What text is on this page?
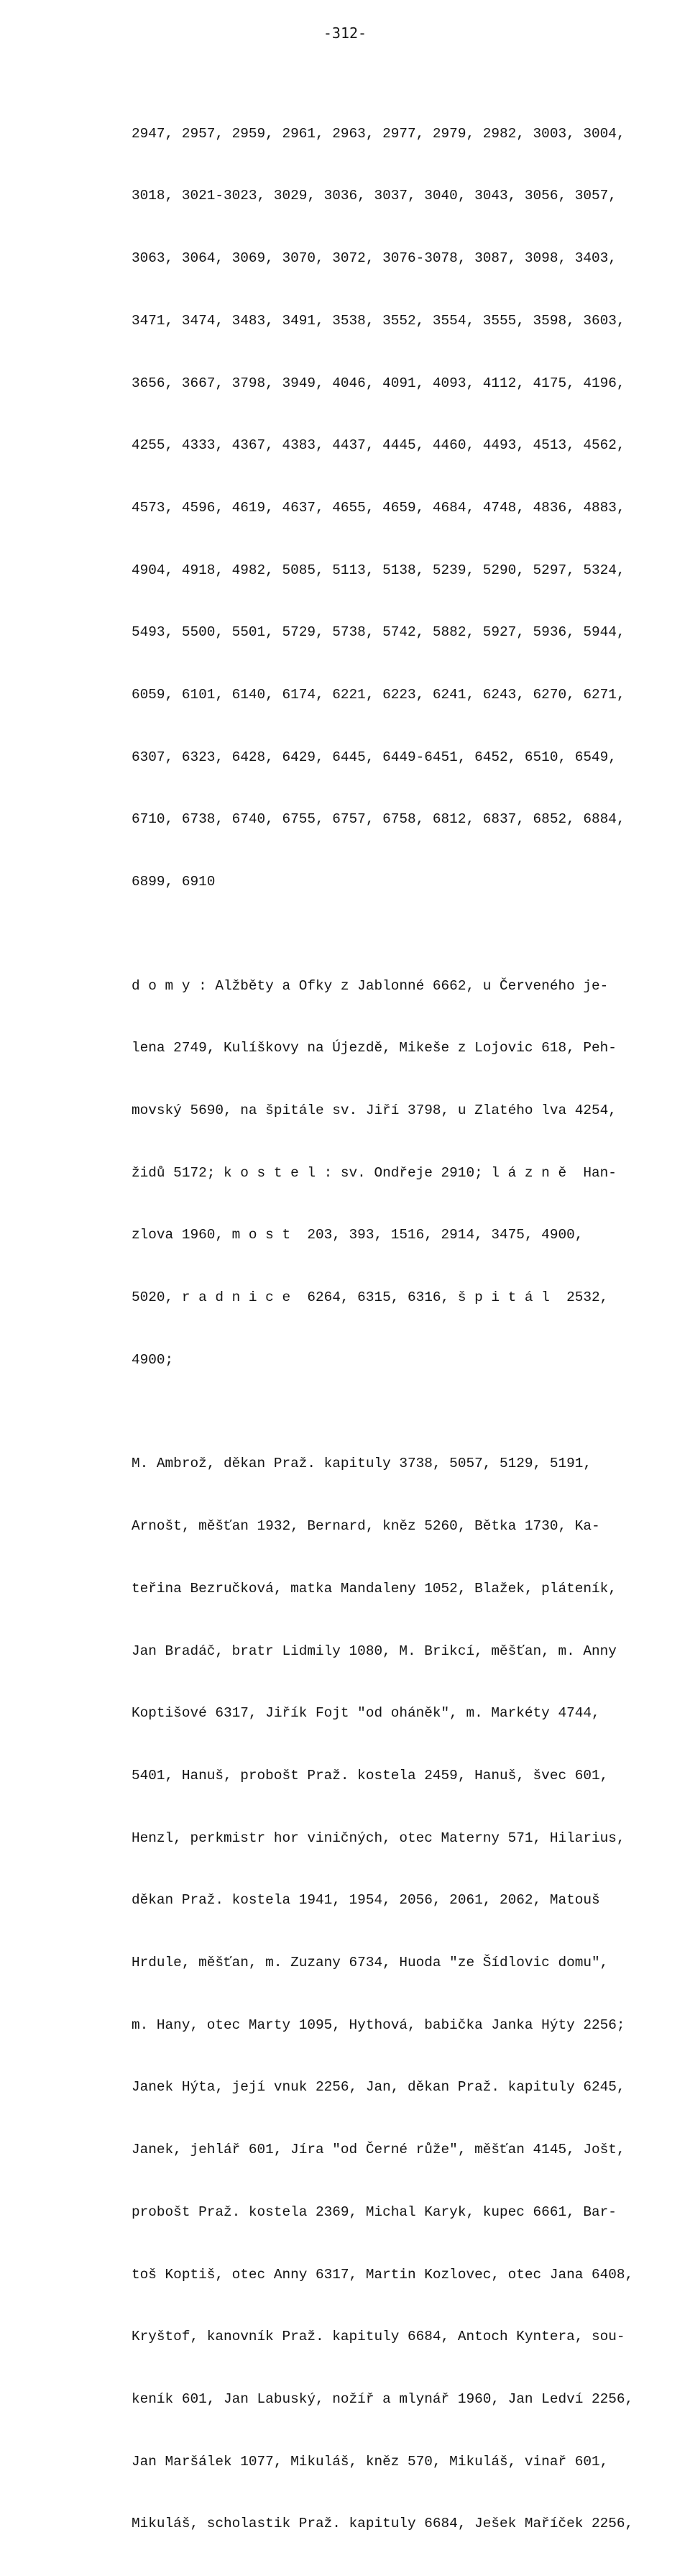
-312-

2947, 2957, 2959, 2961, 2963, 2977, 2979, 2982, 3003, 3004,

3018, 3021-3023, 3029, 3036, 3037, 3040, 3043, 3056, 3057,

3063, 3064, 3069, 3070, 3072, 3076-3078, 3087, 3098, 3403,

3471, 3474, 3483, 3491, 3538, 3552, 3554, 3555, 3598, 3603,

3656, 3667, 3798, 3949, 4046, 4091, 4093, 4112, 4175, 4196,

4255, 4333, 4367, 4383, 4437, 4445, 4460, 4493, 4513, 4562,

4573, 4596, 4619, 4637, 4655, 4659, 4684, 4748, 4836, 4883,

4904, 4918, 4982, 5085, 5113, 5138, 5239, 5290, 5297, 5324,

5493, 5500, 5501, 5729, 5738, 5742, 5882, 5927, 5936, 5944,

6059, 6101, 6140, 6174, 6221, 6223, 6241, 6243, 6270, 6271,

6307, 6323, 6428, 6429, 6445, 6449-6451, 6452, 6510, 6549,

6710, 6738, 6740, 6755, 6757, 6758, 6812, 6837, 6852, 6884,

6899, 6910

d o m y : Alžběty a Ofky z Jablonné 6662, u Červeného je-

lena 2749, Kulíškovy na Újezdě, Mikeše z Lojovic 618, Peh-

movský 5690, na špitále sv. Jiří 3798, u Zlatého lva 4254,

židů 5172; k o s t e l : sv. Ondřeje 2910; l á z n ě  Han-

zlova 1960, m o s t  203, 393, 1516, 2914, 3475, 4900,

5020, r a d n i c e  6264, 6315, 6316, š p i t á l  2532,

4900;

M. Ambrož, děkan Praž. kapituly 3738, 5057, 5129, 5191,

Arnošt, měšťan 1932, Bernard, kněz 5260, Bětka 1730, Ka-

teřina Bezručková, matka Mandaleny 1052, Blažek, pláteník,

Jan Bradáč, bratr Lidmily 1080, M. Brikcí, měšťan, m. Anny

Koptišové 6317, Jiřík Fojt "od oháněk", m. Markéty 4744,

5401, Hanuš, probošt Praž. kostela 2459, Hanuš, švec 601,

Henzl, perkmistr hor viničných, otec Materny 571, Hilarius,

děkan Praž. kostela 1941, 1954, 2056, 2061, 2062, Matouš

Hrdule, měšťan, m. Zuzany 6734, Huoda "ze Šídlovic domu",

m. Hany, otec Marty 1095, Hythová, babička Janka Hýty 2256;

Janek Hýta, její vnuk 2256, Jan, děkan Praž. kapituly 6245,

Janek, jehlář 601, Jíra "od Černé růže", měšťan 4145, Jošt,

probošt Praž. kostela 2369, Michal Karyk, kupec 6661, Bar-

toš Koptiš, otec Anny 6317, Martin Kozlovec, otec Jana 6408,

Kryštof, kanovník Praž. kapituly 6684, Antoch Kyntera, sou-

keník 601, Jan Labuský, nožíř a mlynář 1960, Jan Ledví 2256,

Jan Maršálek 1077, Mikuláš, kněz 570, Mikuláš, vinař 601,

Mikuláš, scholastik Praž. kapituly 6684, Ješek Maříček 2256,
